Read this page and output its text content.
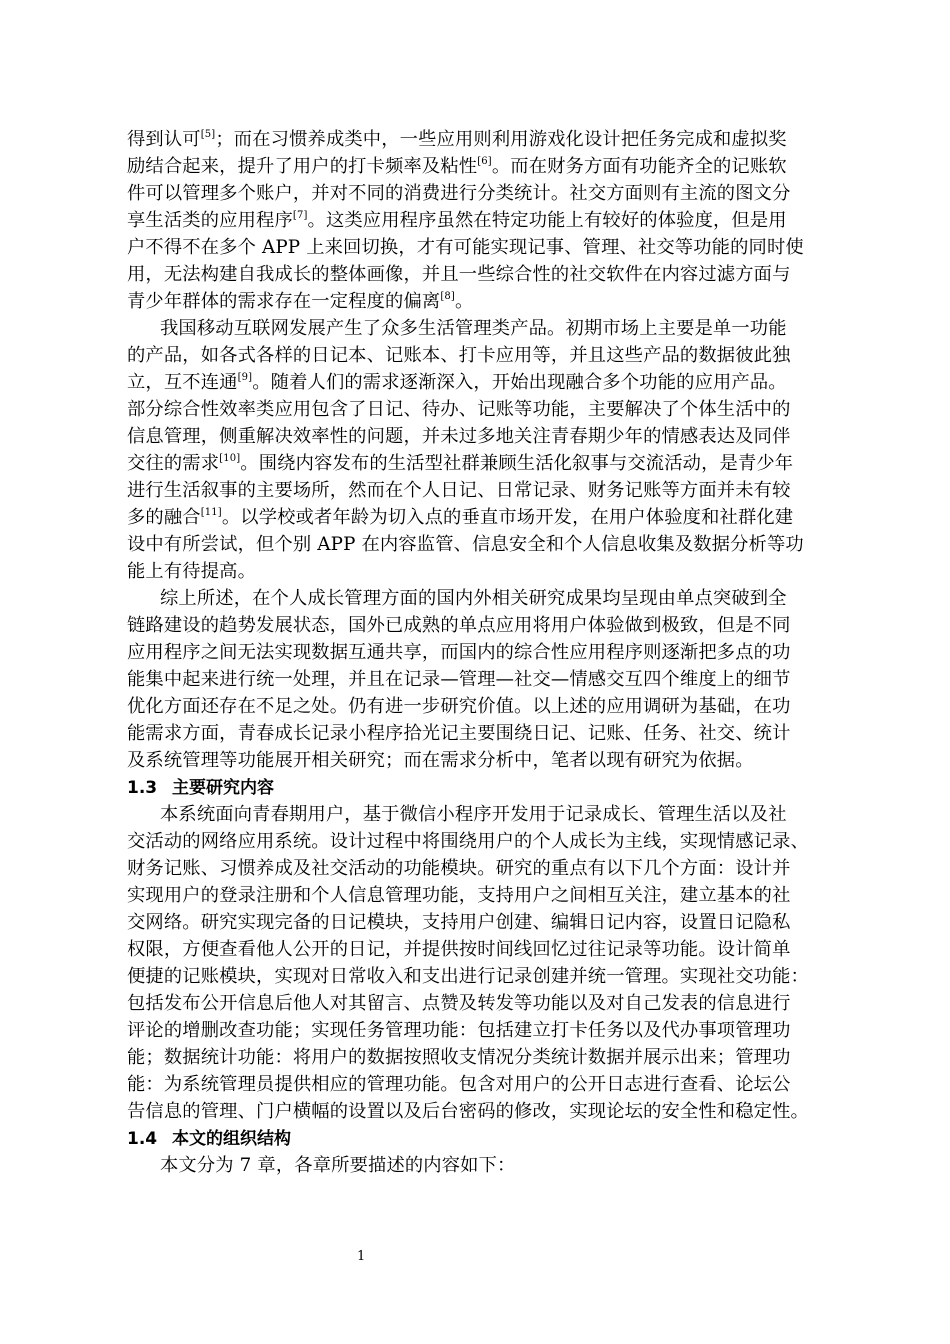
得到认可[5]；而在习惯养成类中，一些应用则利用游戏化设计把任务完成和虚拟奖
励结合起来，提升了用户的打卡频率及粘性[6]。而在财务方面有功能齐全的记账软
件可以管理多个账户，并对不同的消费进行分类统计。社交方面则有主流的图文分
享生活类的应用程序[7]。这类应用程序虽然在特定功能上有较好的体验度，但是用
户不得不在多个 APP 上来回切换，才有可能实现记事、管理、社交等功能的同时使
用，无法构建自我成长的整体画像，并且一些综合性的社交软件在内容过滤方面与
青少年群体的需求存在一定程度的偏离[8]。
我国移动互联网发展产生了众多生活管理类产品。初期市场上主要是单一功能
的产品，如各式各样的日记本、记账本、打卡应用等，并且这些产品的数据彼此独
立，互不连通[9]。随着人们的需求逐渐深入，开始出现融合多个功能的应用产品。
部分综合性效率类应用包含了日记、待办、记账等功能，主要解决了个体生活中的
信息管理，侧重解决效率性的问题，并未过多地关注青春期少年的情感表达及同伴
交往的需求[10]。围绕内容发布的生活型社群兼顾生活化叙事与交流活动，是青少年
进行生活叙事的主要场所，然而在个人日记、日常记录、财务记账等方面并未有较
多的融合[11]。以学校或者年龄为切入点的垂直市场开发，在用户体验度和社群化建
设中有所尝试，但个别 APP 在内容监管、信息安全和个人信息收集及数据分析等功
能上有待提高。
综上所述，在个人成长管理方面的国内外相关研究成果均呈现由单点突破到全
链路建设的趋势发展状态，国外已成熟的单点应用将用户体验做到极致，但是不同
应用程序之间无法实现数据互通共享，而国内的综合性应用程序则逐渐把多点的功
能集中起来进行统一处理，并且在记录—管理—社交—情感交互四个维度上的细节
优化方面还存在不足之处。仍有进一步研究价值。以上述的应用调研为基础，在功
能需求方面，青春成长记录小程序拾光记主要围绕日记、记账、任务、社交、统计
及系统管理等功能展开相关研究；而在需求分析中，笔者以现有研究为依据。
1.3 主要研究内容
本系统面向青春期用户，基于微信小程序开发用于记录成长、管理生活以及社
交活动的网络应用系统。设计过程中将围绕用户的个人成长为主线，实现情感记录、
财务记账、习惯养成及社交活动的功能模块。研究的重点有以下几个方面：设计并
实现用户的登录注册和个人信息管理功能，支持用户之间相互关注，建立基本的社
交网络。研究实现完备的日记模块，支持用户创建、编辑日记内容，设置日记隐私
权限，方便查看他人公开的日记，并提供按时间线回忆过往记录等功能。设计简单
便捷的记账模块，实现对日常收入和支出进行记录创建并统一管理。实现社交功能：
包括发布公开信息后他人对其留言、点赞及转发等功能以及对自己发表的信息进行
评论的增删改查功能；实现任务管理功能：包括建立打卡任务以及代办事项管理功
能；数据统计功能：将用户的数据按照收支情况分类统计数据并展示出来；管理功
能：为系统管理员提供相应的管理功能。包含对用户的公开日志进行查看、论坛公
告信息的管理、门户横幅的设置以及后台密码的修改，实现论坛的安全性和稳定性。
1.4 本文的组织结构
本文分为 7 章，各章所要描述的内容如下：
1
